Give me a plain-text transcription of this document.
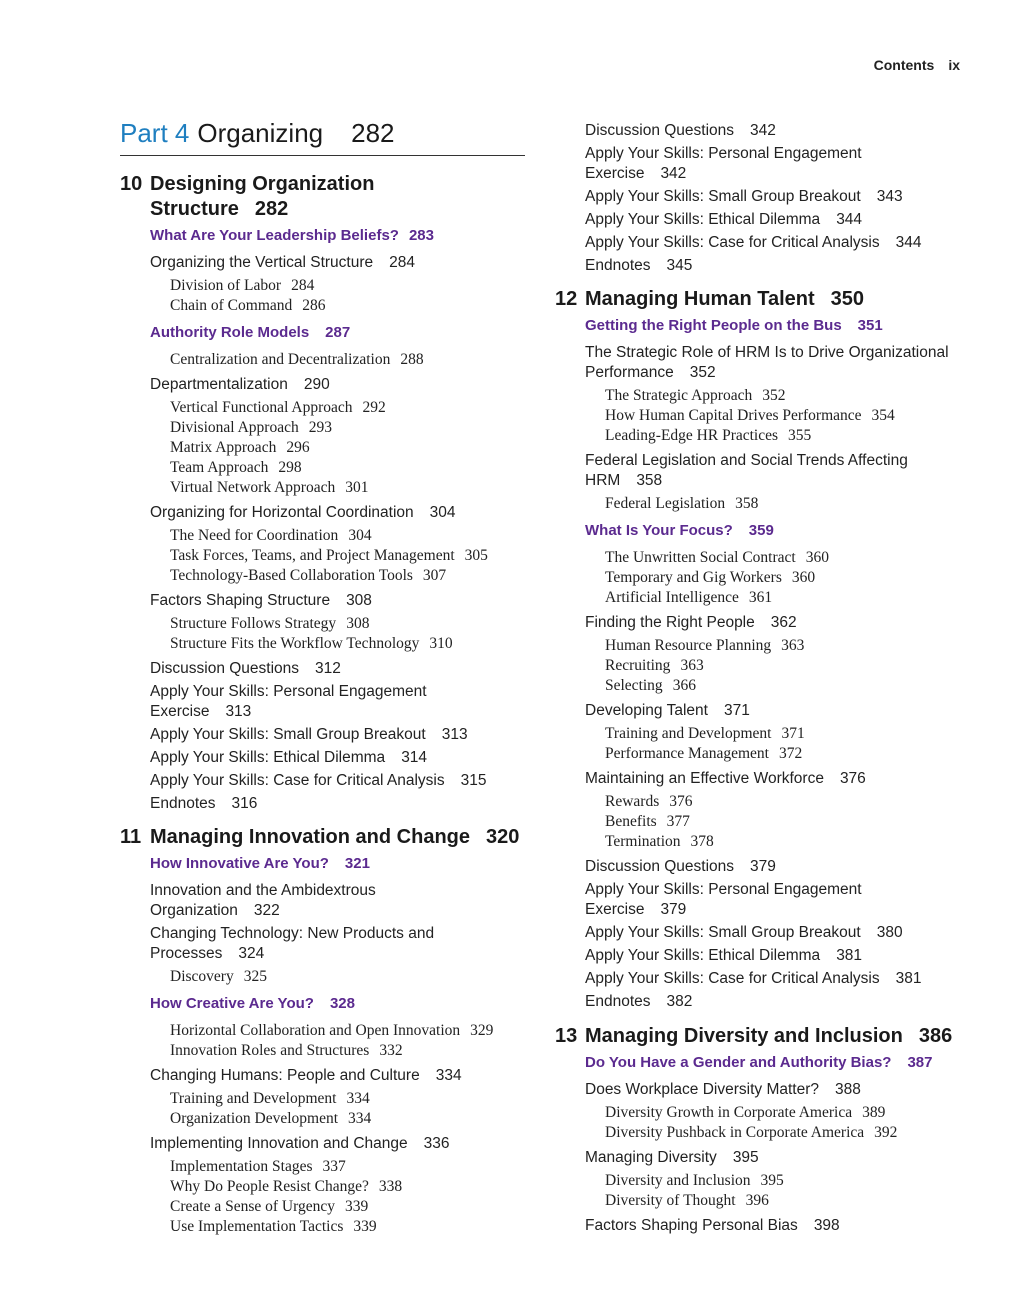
Contents ix
Part 4 Organizing 282
10 Designing Organization
Structure 282
What Are Your Leadership Beliefs? 283
Organizing the Vertical Structure 284
Division of Labor 284
Chain of Command 286
Authority Role Models 287
Centralization and Decentralization 288
Departmentalization 290
Vertical Functional Approach 292
Divisional Approach 293
Matrix Approach 296
Team Approach 298
Virtual Network Approach 301
Organizing for Horizontal Coordination 304
The Need for Coordination 304
Task Forces, Teams, and Project Management 305
Technology-Based Collaboration Tools 307
Factors Shaping Structure 308
Structure Follows Strategy 308
Structure Fits the Workflow Technology 310
Discussion Questions 312
Apply Your Skills: Personal Engagement Exercise 313
Apply Your Skills: Small Group Breakout 313
Apply Your Skills: Ethical Dilemma 314
Apply Your Skills: Case for Critical Analysis 315
Endnotes 316
11 Managing Innovation and Change 320
How Innovative Are You? 321
Innovation and the Ambidextrous Organization 322
Changing Technology: New Products and Processes 324
Discovery 325
How Creative Are You? 328
Horizontal Collaboration and Open Innovation 329
Innovation Roles and Structures 332
Changing Humans: People and Culture 334
Training and Development 334
Organization Development 334
Implementing Innovation and Change 336
Implementation Stages 337
Why Do People Resist Change? 338
Create a Sense of Urgency 339
Use Implementation Tactics 339
Discussion Questions 342
Apply Your Skills: Personal Engagement Exercise 342
Apply Your Skills: Small Group Breakout 343
Apply Your Skills: Ethical Dilemma 344
Apply Your Skills: Case for Critical Analysis 344
Endnotes 345
12 Managing Human Talent 350
Getting the Right People on the Bus 351
The Strategic Role of HRM Is to Drive Organizational Performance 352
The Strategic Approach 352
How Human Capital Drives Performance 354
Leading-Edge HR Practices 355
Federal Legislation and Social Trends Affecting HRM 358
Federal Legislation 358
What Is Your Focus? 359
The Unwritten Social Contract 360
Temporary and Gig Workers 360
Artificial Intelligence 361
Finding the Right People 362
Human Resource Planning 363
Recruiting 363
Selecting 366
Developing Talent 371
Training and Development 371
Performance Management 372
Maintaining an Effective Workforce 376
Rewards 376
Benefits 377
Termination 378
Discussion Questions 379
Apply Your Skills: Personal Engagement Exercise 379
Apply Your Skills: Small Group Breakout 380
Apply Your Skills: Ethical Dilemma 381
Apply Your Skills: Case for Critical Analysis 381
Endnotes 382
13 Managing Diversity and Inclusion 386
Do You Have a Gender and Authority Bias? 387
Does Workplace Diversity Matter? 388
Diversity Growth in Corporate America 389
Diversity Pushback in Corporate America 392
Managing Diversity 395
Diversity and Inclusion 395
Diversity of Thought 396
Factors Shaping Personal Bias 398
